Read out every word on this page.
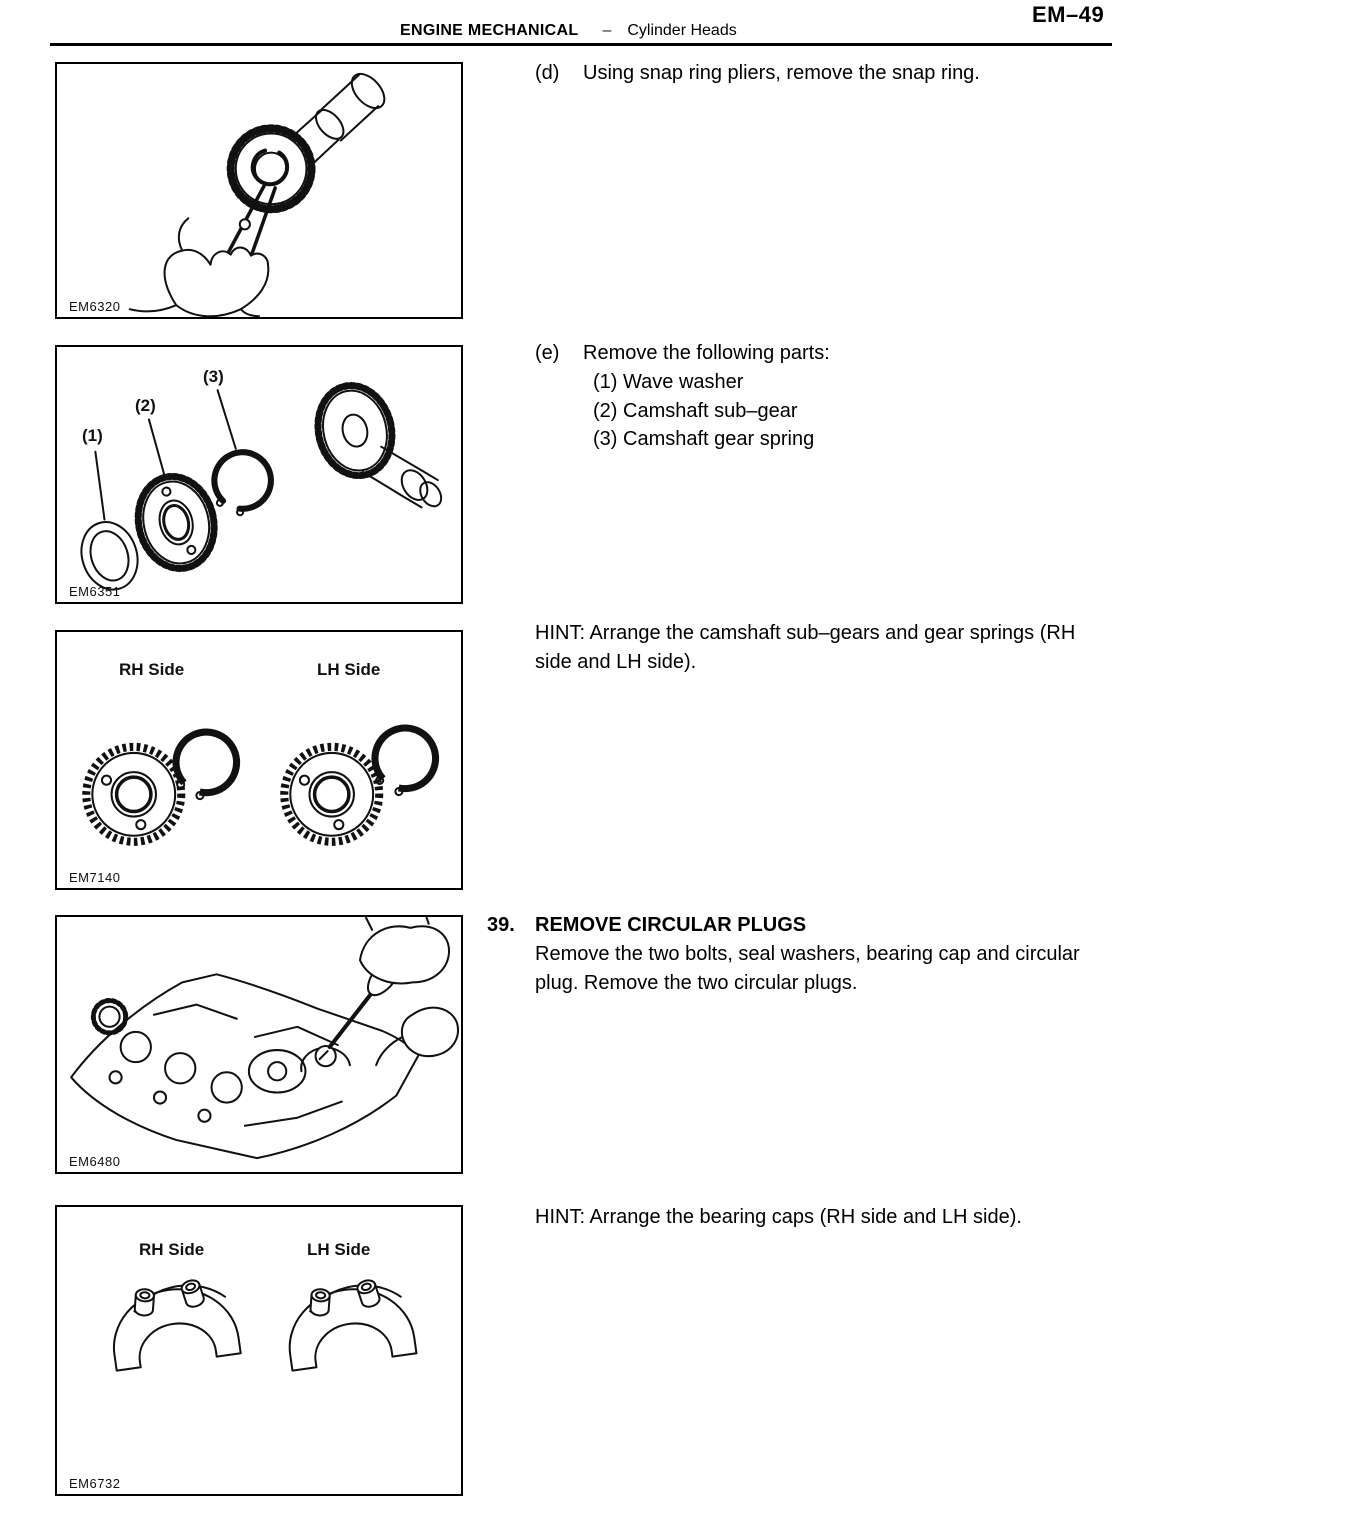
EM–49
ENGINE MECHANICAL – Cylinder Heads
EM6320
(1)
(2)
(3)
EM6351
RH Side	LH Side
EM7140
EM6480
RH Side	LH Side
EM6732
(d)	Using snap ring pliers, remove the snap ring.
(e)	Remove the following parts:
(1) Wave washer
(2) Camshaft sub–gear
(3) Camshaft gear spring
HINT: Arrange the camshaft sub–gears and gear springs (RH side and LH side).
39.	REMOVE CIRCULAR PLUGS
Remove the two bolts, seal washers, bearing cap and circular plug. Remove the two circular plugs.
HINT: Arrange the bearing caps (RH side and LH side).
